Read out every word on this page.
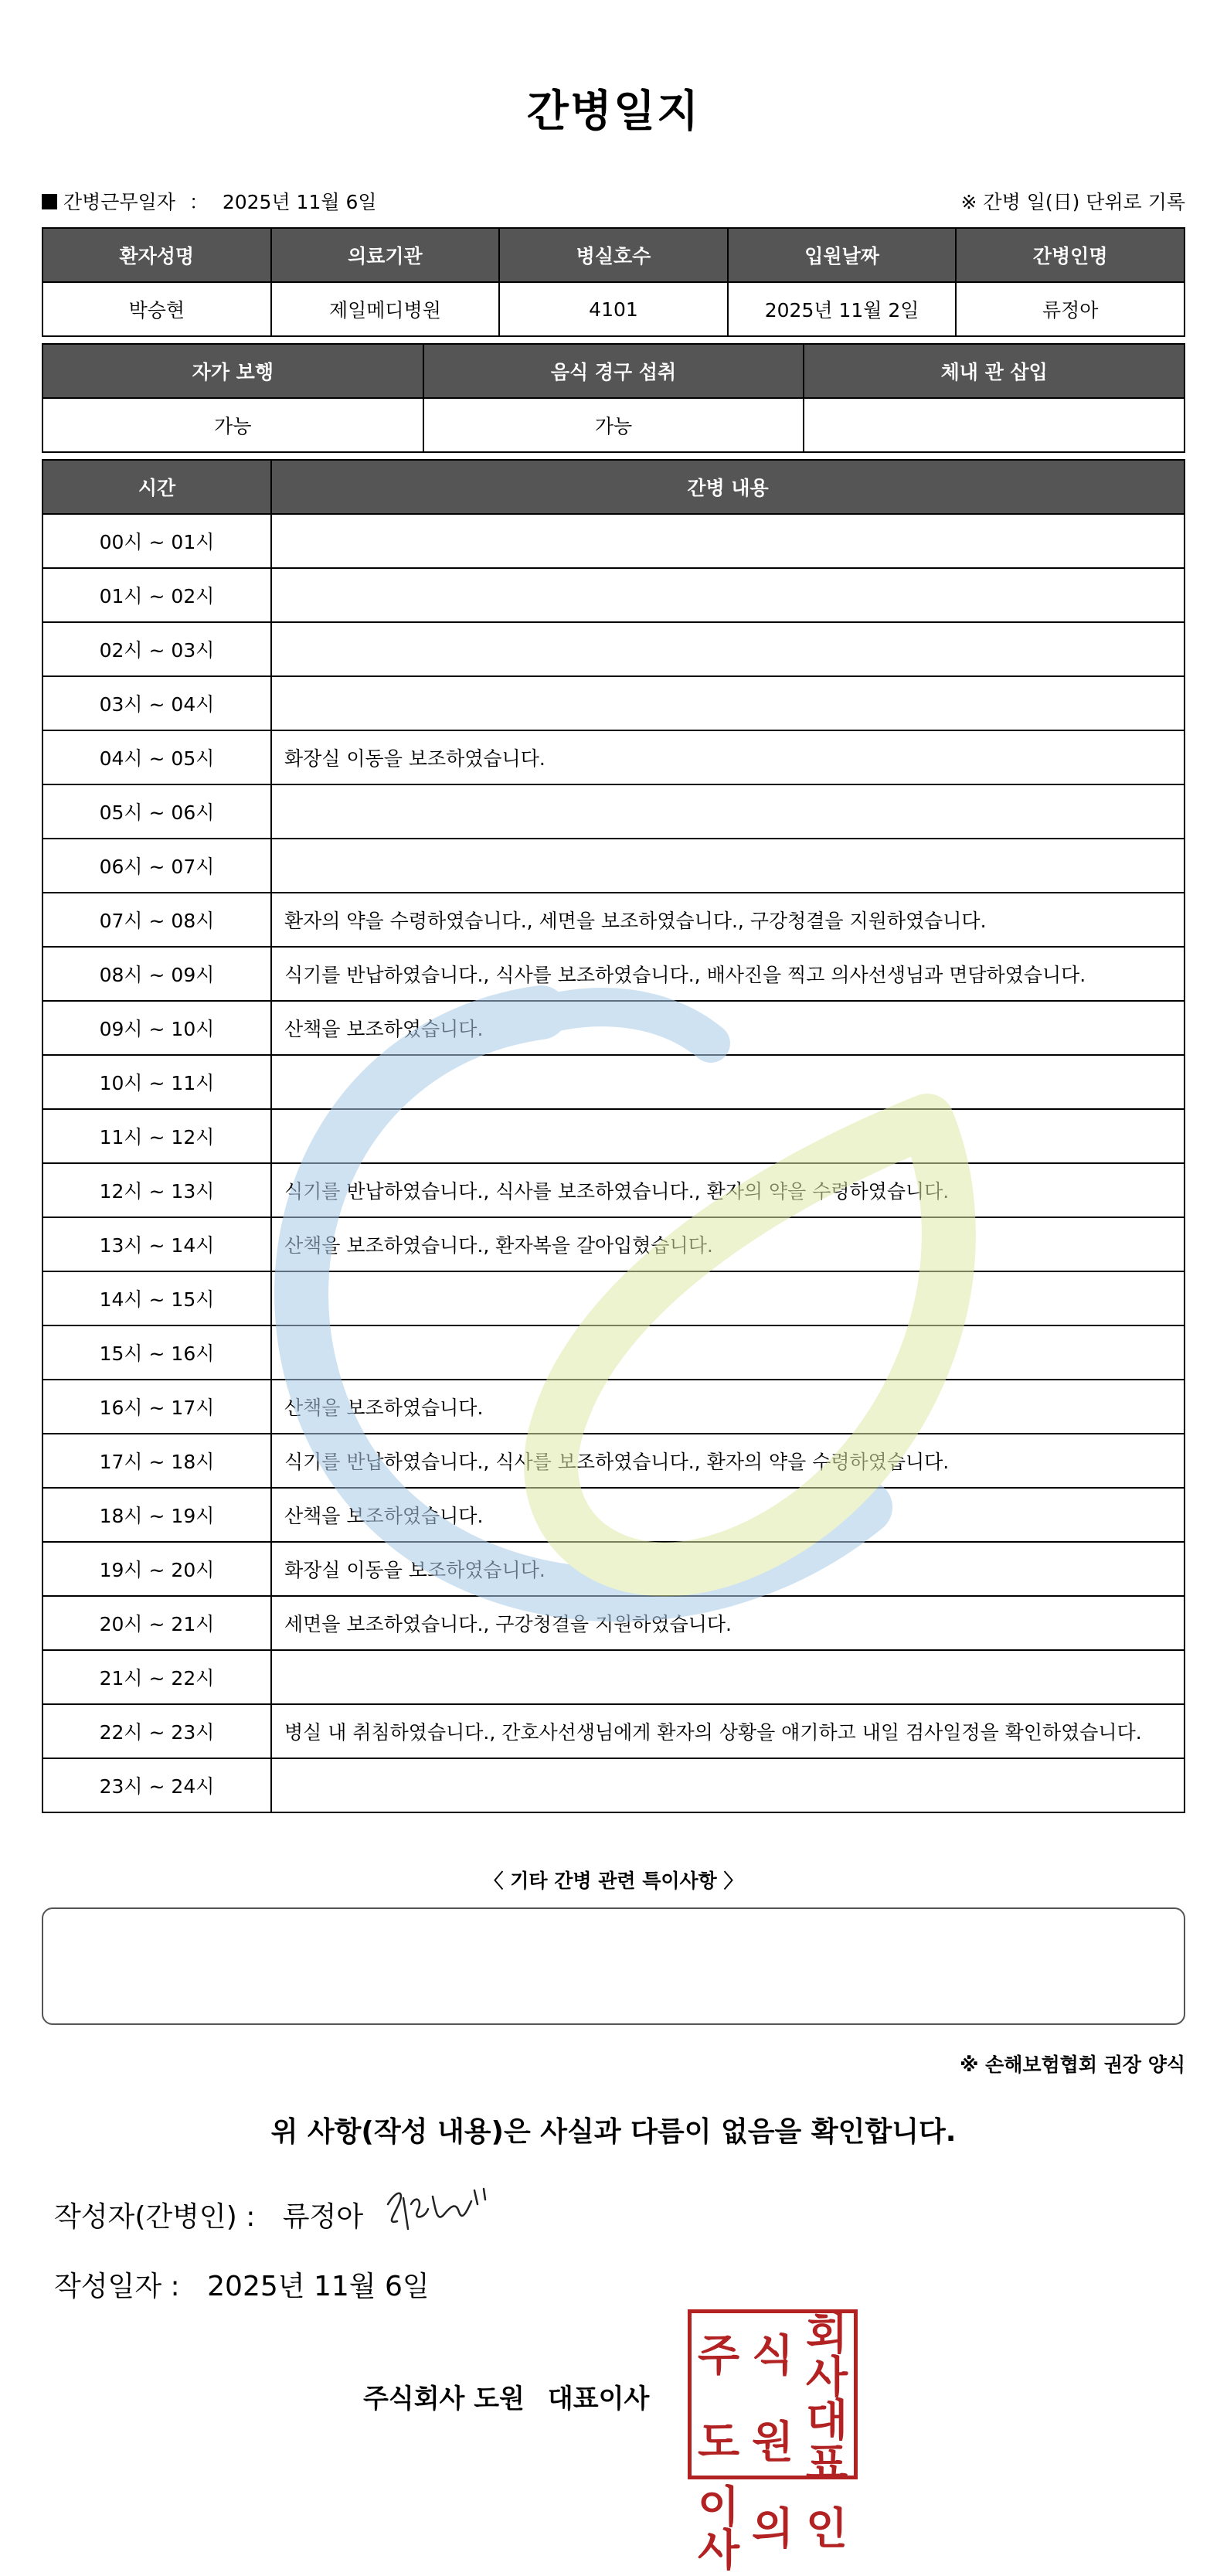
간병일지
간병근무일자 ： 2025년 11월 6일	※ 간병 일(日) 단위로 기록
환자성명	의료기관	병실호수	입원날짜	간병인명
박승현	제일메디병원	4101	2025년 11월 2일	류정아
자가 보행	음식 경구 섭취	체내 관 삽입
가능	가능	
시간	간병 내용
00시 ~ 01시	
01시 ~ 02시	
02시 ~ 03시	
03시 ~ 04시	
04시 ~ 05시	화장실 이동을 보조하였습니다.
05시 ~ 06시	
06시 ~ 07시	
07시 ~ 08시	환자의 약을 수령하였습니다., 세면을 보조하였습니다., 구강청결을 지원하였습니다.
08시 ~ 09시	식기를 반납하였습니다., 식사를 보조하였습니다., 배사진을 찍고 의사선생님과 면담하였습니다.
09시 ~ 10시	산책을 보조하였습니다.
10시 ~ 11시	
11시 ~ 12시	
12시 ~ 13시	식기를 반납하였습니다., 식사를 보조하였습니다., 환자의 약을 수령하였습니다.
13시 ~ 14시	산책을 보조하였습니다., 환자복을 갈아입혔습니다.
14시 ~ 15시	
15시 ~ 16시	
16시 ~ 17시	산책을 보조하였습니다.
17시 ~ 18시	식기를 반납하였습니다., 식사를 보조하였습니다., 환자의 약을 수령하였습니다.
18시 ~ 19시	산책을 보조하였습니다.
19시 ~ 20시	화장실 이동을 보조하였습니다.
20시 ~ 21시	세면을 보조하였습니다., 구강청결을 지원하였습니다.
21시 ~ 22시	
22시 ~ 23시	병실 내 취침하였습니다., 간호사선생님에게 환자의 상황을 얘기하고 내일 검사일정을 확인하였습니다.
23시 ~ 24시	
〈 기타 간병 관련 특이사항 〉
※ 손해보험협회 권장 양식
위 사항(작성 내용)은 사실과 다름이 없음을 확인합니다.
작성자(간병인) : 류정아
작성일자 : 2025년 11월 6일
주식회사 도원 대표이사
주 식 회사
도 원 대표
이사 의 인
